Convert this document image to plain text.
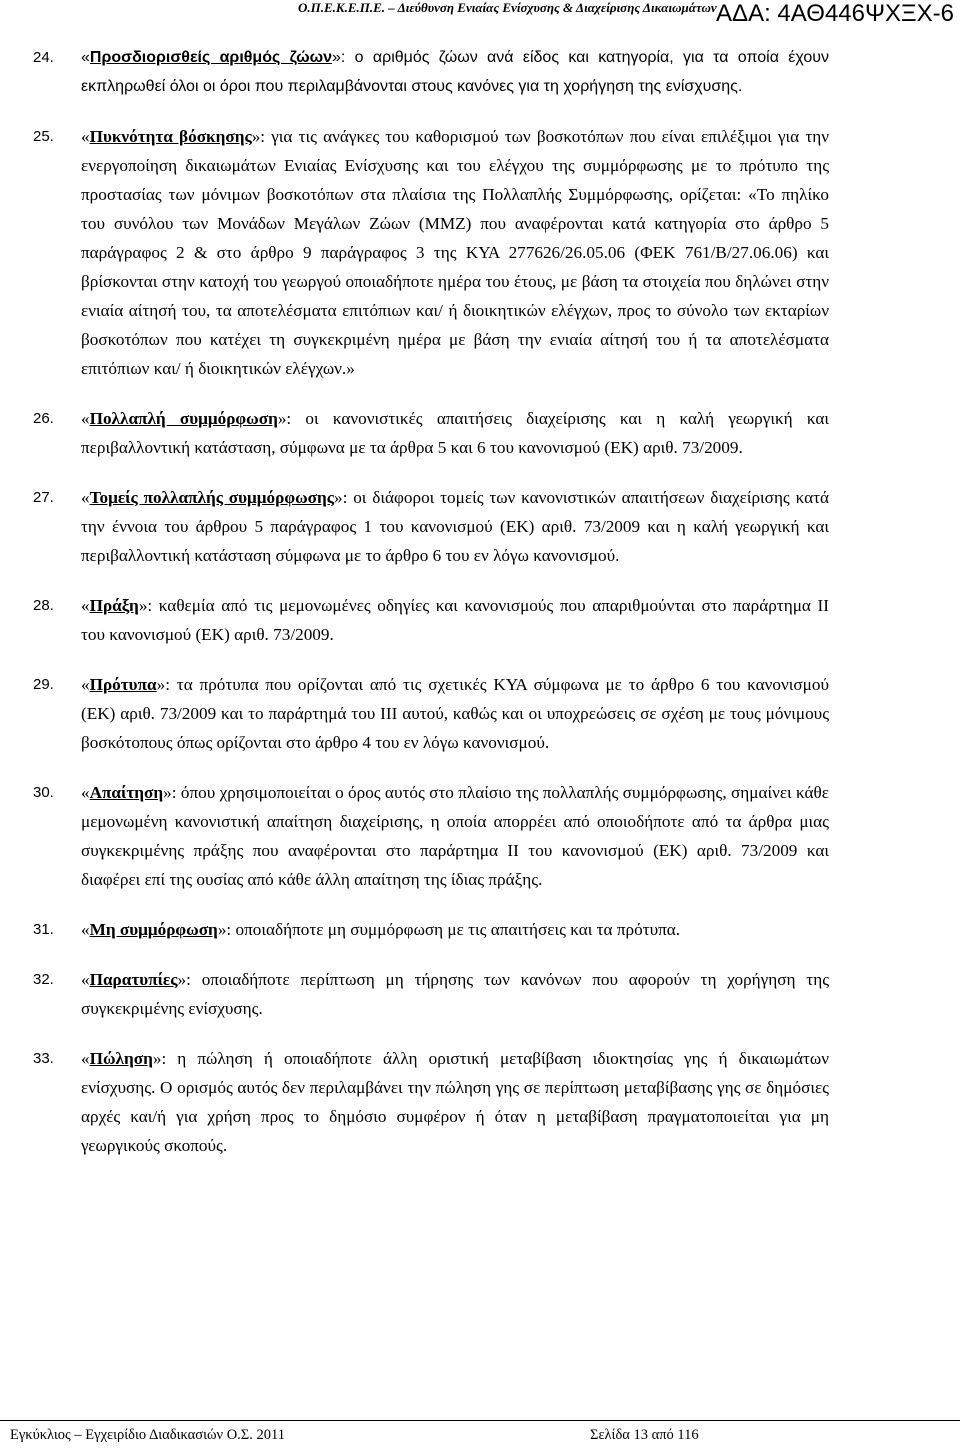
Ο.Π.Ε.Κ.Ε.Π.Ε. – Διεύθυνση Ενιαίας Ενίσχυσης & Διαχείρισης Δικαιωμάτων ΑΔΑ: 4ΑΘ446ΨΧΞΧ-6
24. «Προσδιορισθείς αριθμός ζώων»: ο αριθμός ζώων ανά είδος και κατηγορία, για τα οποία έχουν εκπληρωθεί όλοι οι όροι που περιλαμβάνονται στους κανόνες για τη χορήγηση της ενίσχυσης.
25. «Πυκνότητα βόσκησης»: για τις ανάγκες του καθορισμού των βοσκοτόπων που είναι επιλέξιμοι για την ενεργοποίηση δικαιωμάτων Ενιαίας Ενίσχυσης και του ελέγχου της συμμόρφωσης με το πρότυπο της προστασίας των μόνιμων βοσκοτόπων στα πλαίσια της Πολλαπλής Συμμόρφωσης, ορίζεται: «Το πηλίκο του συνόλου των Μονάδων Μεγάλων Ζώων (ΜΜΖ) που αναφέρονται κατά κατηγορία στο άρθρο 5 παράγραφος 2 & στο άρθρο 9 παράγραφος 3 της ΚΥΑ 277626/26.05.06 (ΦΕΚ 761/Β/27.06.06) και βρίσκονται στην κατοχή του γεωργού οποιαδήποτε ημέρα του έτους, με βάση τα στοιχεία που δηλώνει στην ενιαία αίτησή του, τα αποτελέσματα επιτόπιων και/ ή διοικητικών ελέγχων, προς το σύνολο των εκταρίων βοσκοτόπων που κατέχει τη συγκεκριμένη ημέρα με βάση την ενιαία αίτησή του ή τα αποτελέσματα επιτόπιων και/ ή διοικητικών ελέγχων.»
26. «Πολλαπλή συμμόρφωση»: οι κανονιστικές απαιτήσεις διαχείρισης και η καλή γεωργική και περιβαλλοντική κατάσταση, σύμφωνα με τα άρθρα 5 και 6 του κανονισμού (ΕΚ) αριθ. 73/2009.
27. «Τομείς πολλαπλής συμμόρφωσης»: οι διάφοροι τομείς των κανονιστικών απαιτήσεων διαχείρισης κατά την έννοια του άρθρου 5 παράγραφος 1 του κανονισμού (ΕΚ) αριθ. 73/2009 και η καλή γεωργική και περιβαλλοντική κατάσταση σύμφωνα με το άρθρο 6 του εν λόγω κανονισμού.
28. «Πράξη»: καθεμία από τις μεμονωμένες οδηγίες και κανονισμούς που απαριθμούνται στο παράρτημα ΙΙ του κανονισμού (ΕΚ) αριθ. 73/2009.
29. «Πρότυπα»: τα πρότυπα που ορίζονται από τις σχετικές ΚΥΑ σύμφωνα με το άρθρο 6 του κανονισμού (ΕΚ) αριθ. 73/2009 και το παράρτημά του ΙΙΙ αυτού, καθώς και οι υποχρεώσεις σε σχέση με τους μόνιμους βοσκότοπους όπως ορίζονται στο άρθρο 4 του εν λόγω κανονισμού.
30. «Απαίτηση»: όπου χρησιμοποιείται ο όρος αυτός στο πλαίσιο της πολλαπλής συμμόρφωσης, σημαίνει κάθε μεμονωμένη κανονιστική απαίτηση διαχείρισης, η οποία απορρέει από οποιοδήποτε από τα άρθρα μιας συγκεκριμένης πράξης που αναφέρονται στο παράρτημα ΙΙ του κανονισμού (ΕΚ) αριθ. 73/2009 και διαφέρει επί της ουσίας από κάθε άλλη απαίτηση της ίδιας πράξης.
31. «Μη συμμόρφωση»: οποιαδήποτε μη συμμόρφωση με τις απαιτήσεις και τα πρότυπα.
32. «Παρατυπίες»: οποιαδήποτε περίπτωση μη τήρησης των κανόνων που αφορούν τη χορήγηση της συγκεκριμένης ενίσχυσης.
33. «Πώληση»: η πώληση ή οποιαδήποτε άλλη οριστική μεταβίβαση ιδιοκτησίας γης ή δικαιωμάτων ενίσχυσης. Ο ορισμός αυτός δεν περιλαμβάνει την πώληση γης σε περίπτωση μεταβίβασης γης σε δημόσιες αρχές και/ή για χρήση προς το δημόσιο συμφέρον ή όταν η μεταβίβαση πραγματοποιείται για μη γεωργικούς σκοπούς.
Εγκύκλιος – Εγχειρίδιο Διαδικασιών Ο.Σ. 2011	Σελίδα 13 από 116
